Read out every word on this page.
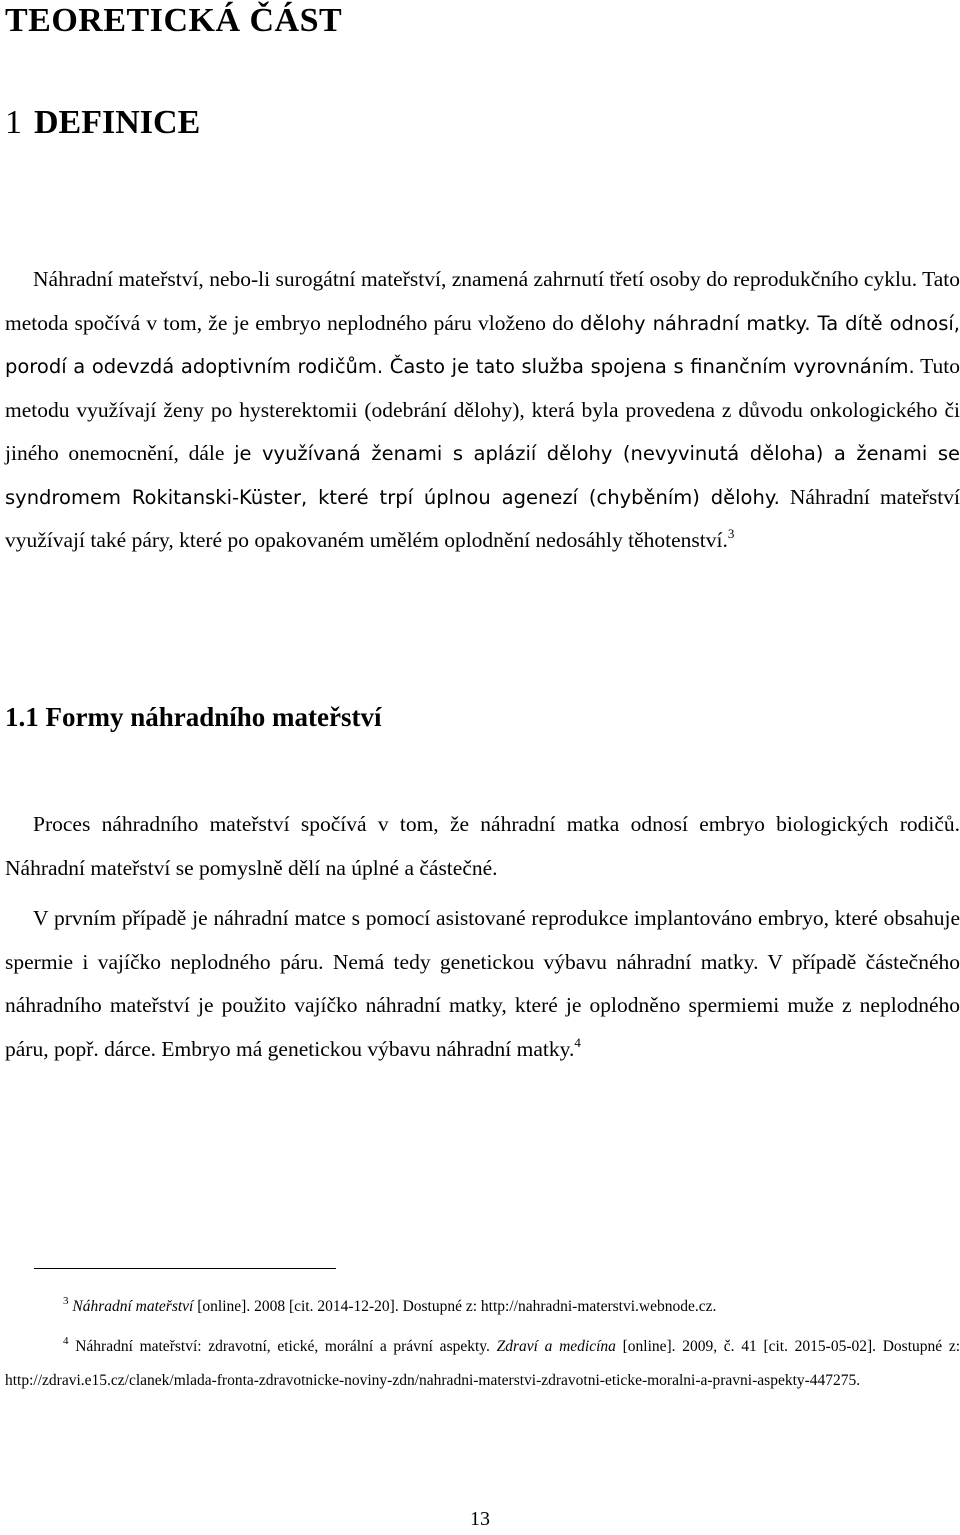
TEORETICKÁ ČÁST
1 DEFINICE
Náhradní mateřství, nebo-li surogátní mateřství, znamená zahrnutí třetí osoby do reprodukčního cyklu. Tato metoda spočívá v tom, že je embryo neplodného páru vloženo do dělohy náhradní matky. Ta dítě odnosí, porodí a odevzdá adoptivním rodičům. Často je tato služba spojena s finančním vyrovnáním. Tuto metodu využívají ženy po hysterektomii (odebrání dělohy), která byla provedena z důvodu onkologického či jiného onemocnění, dále je využívaná ženami s aplázií dělohy (nevyvinutá děloha) a ženami se syndromem Rokitanski-Küster, které trpí úplnou agenezí (chyběním) dělohy. Náhradní mateřství využívají také páry, které po opakovaném umělém oplodnění nedosáhly těhotenství.$^3$
1.1 Formy náhradního mateřství
Proces náhradního mateřství spočívá v tom, že náhradní matka odnosí embryo biologických rodičů. Náhradní mateřství se pomyslně dělí na úplné a částečné.
V prvním případě je náhradní matce s pomocí asistované reprodukce implantováno embryo, které obsahuje spermie i vajíčko neplodného páru. Nemá tedy genetickou výbavu náhradní matky. V případě částečného náhradního mateřství je použito vajíčko náhradní matky, které je oplodněno spermiemi muže z neplodného páru, popř. dárce. Embryo má genetickou výbavu náhradní matky.$^4$
$^3$ Náhradní mateřství [online]. 2008 [cit. 2014-12-20]. Dostupné z: http://nahradni-materstvi.webnode.cz.
$^4$ Náhradní mateřství: zdravotní, etické, morální a právní aspekty. Zdraví a medicína [online]. 2009, č. 41 [cit. 2015-05-02]. Dostupné z: http://zdravi.e15.cz/clanek/mlada-fronta-zdravotnicke-noviny-zdn/nahradni-materstvi-zdravotni-eticke-moralni-a-pravni-aspekty-447275.
13
